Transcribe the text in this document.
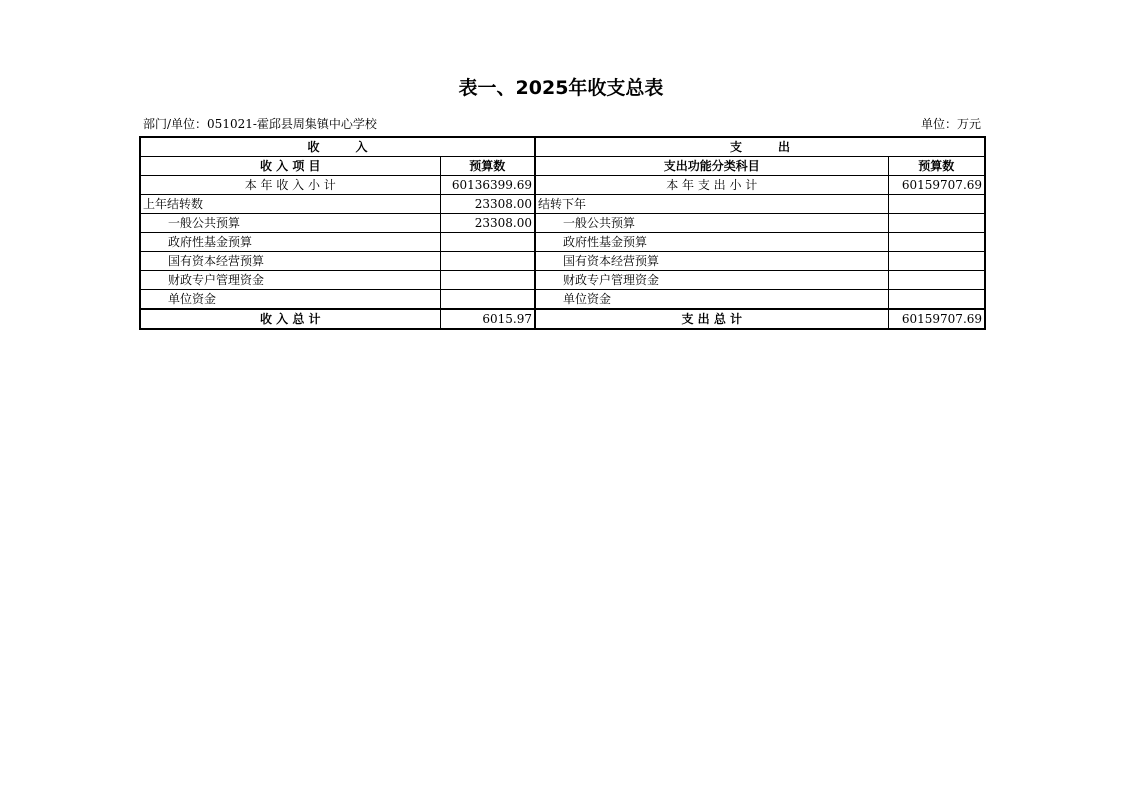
表一、2025年收支总表
部门/单位：051021-霍邱县周集镇中心学校	单位：万元
收　　　入		支　　　出	
收 入 项 目	预算数	支出功能分类科目	预算数
本 年 收 入 小 计	60136399.69	本 年 支 出 小 计	60159707.69
上年结转数	23308.00	结转下年	
一般公共预算	23308.00	一般公共预算	
政府性基金预算		政府性基金预算	
国有资本经营预算		国有资本经营预算	
财政专户管理资金		财政专户管理资金	
单位资金		单位资金	
收 入 总 计	6015.97	支 出 总 计	60159707.69
